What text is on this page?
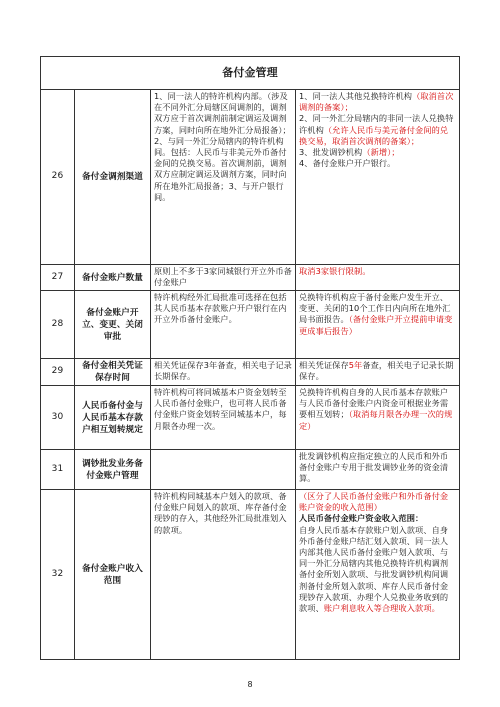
备付金管理			
26	备付金调剂渠道	1、同一法人的特许机构内部。（涉及在不同外汇分局辖区间调剂的，调剂双方应于首次调剂前制定调运及调剂方案，同时向所在地外汇分局报备）；2、与同一外汇分局辖内的特许机构间。包括：人民币与非美元外币备付金间的兑换交易。首次调剂前，调剂双方应制定调运及调剂方案，同时向所在地外汇局报备；3、与开户银行间。	1、同一法人其他兑换特许机构（取消首次调剂的备案）；
2、同一外汇分局辖内的非同一法人兑换特许机构（允许人民币与美元备付金间的兑换交易，取消首次调剂的备案）；
3、批发调钞机构（新增）；
4、备付金账户开户银行。
27	备付金账户数量	原则上不多于3家同城银行开立外币备付金账户	取消3家银行限制。
28	备付金账户开立、变更、关闭审批	特许机构经外汇局批准可选择在包括其人民币基本存款账户开户银行在内开立外币备付金账户。	兑换特许机构应于备付金账户发生开立、变更、关闭的10个工作日内向所在地外汇局书面报告。（备付金账户开立提前申请变更成事后报告）
29	备付金相关凭证保存时间	相关凭证保存3年备查，相关电子记录长期保存。	相关凭证保存5年备查，相关电子记录长期保存。
30	人民币备付金与人民币基本存款户相互划转规定	特许机构可将同城基本户资金划转至人民币备付金账户，也可将人民币备付金账户资金划转至同城基本户，每月限各办理一次。	兑换特许机构自身的人民币基本存款账户与人民币备付金账户内资金可根据业务需要相互划转；（取消每月限各办理一次的规定）
31	调钞批发业务备付金账户管理		批发调钞机构应指定独立的人民币和外币备付金账户专用于批发调钞业务的资金清算。
32	备付金账户收入范围	特许机构同城基本户划入的款项、备付金账户间划入的款项、库存备付金现钞的存入，其他经外汇局批准划入的款项。	（区分了人民币备付金账户和外币备付金账户资金的收入范围）
人民币备付金账户资金收入范围：
自身人民币基本存款账户划入款项、自身外币备付金账户结汇划入款项、同一法人内部其他人民币备付金账户划入款项、与同一外汇分局辖内其他兑换特许机构调剂备付金所划入款项、与批发调钞机构间调剂备付金所划入款项、库存人民币备付金现钞存入款项、办理个人兑换业务收到的款项、账户利息收入等合理收入款项。
8
